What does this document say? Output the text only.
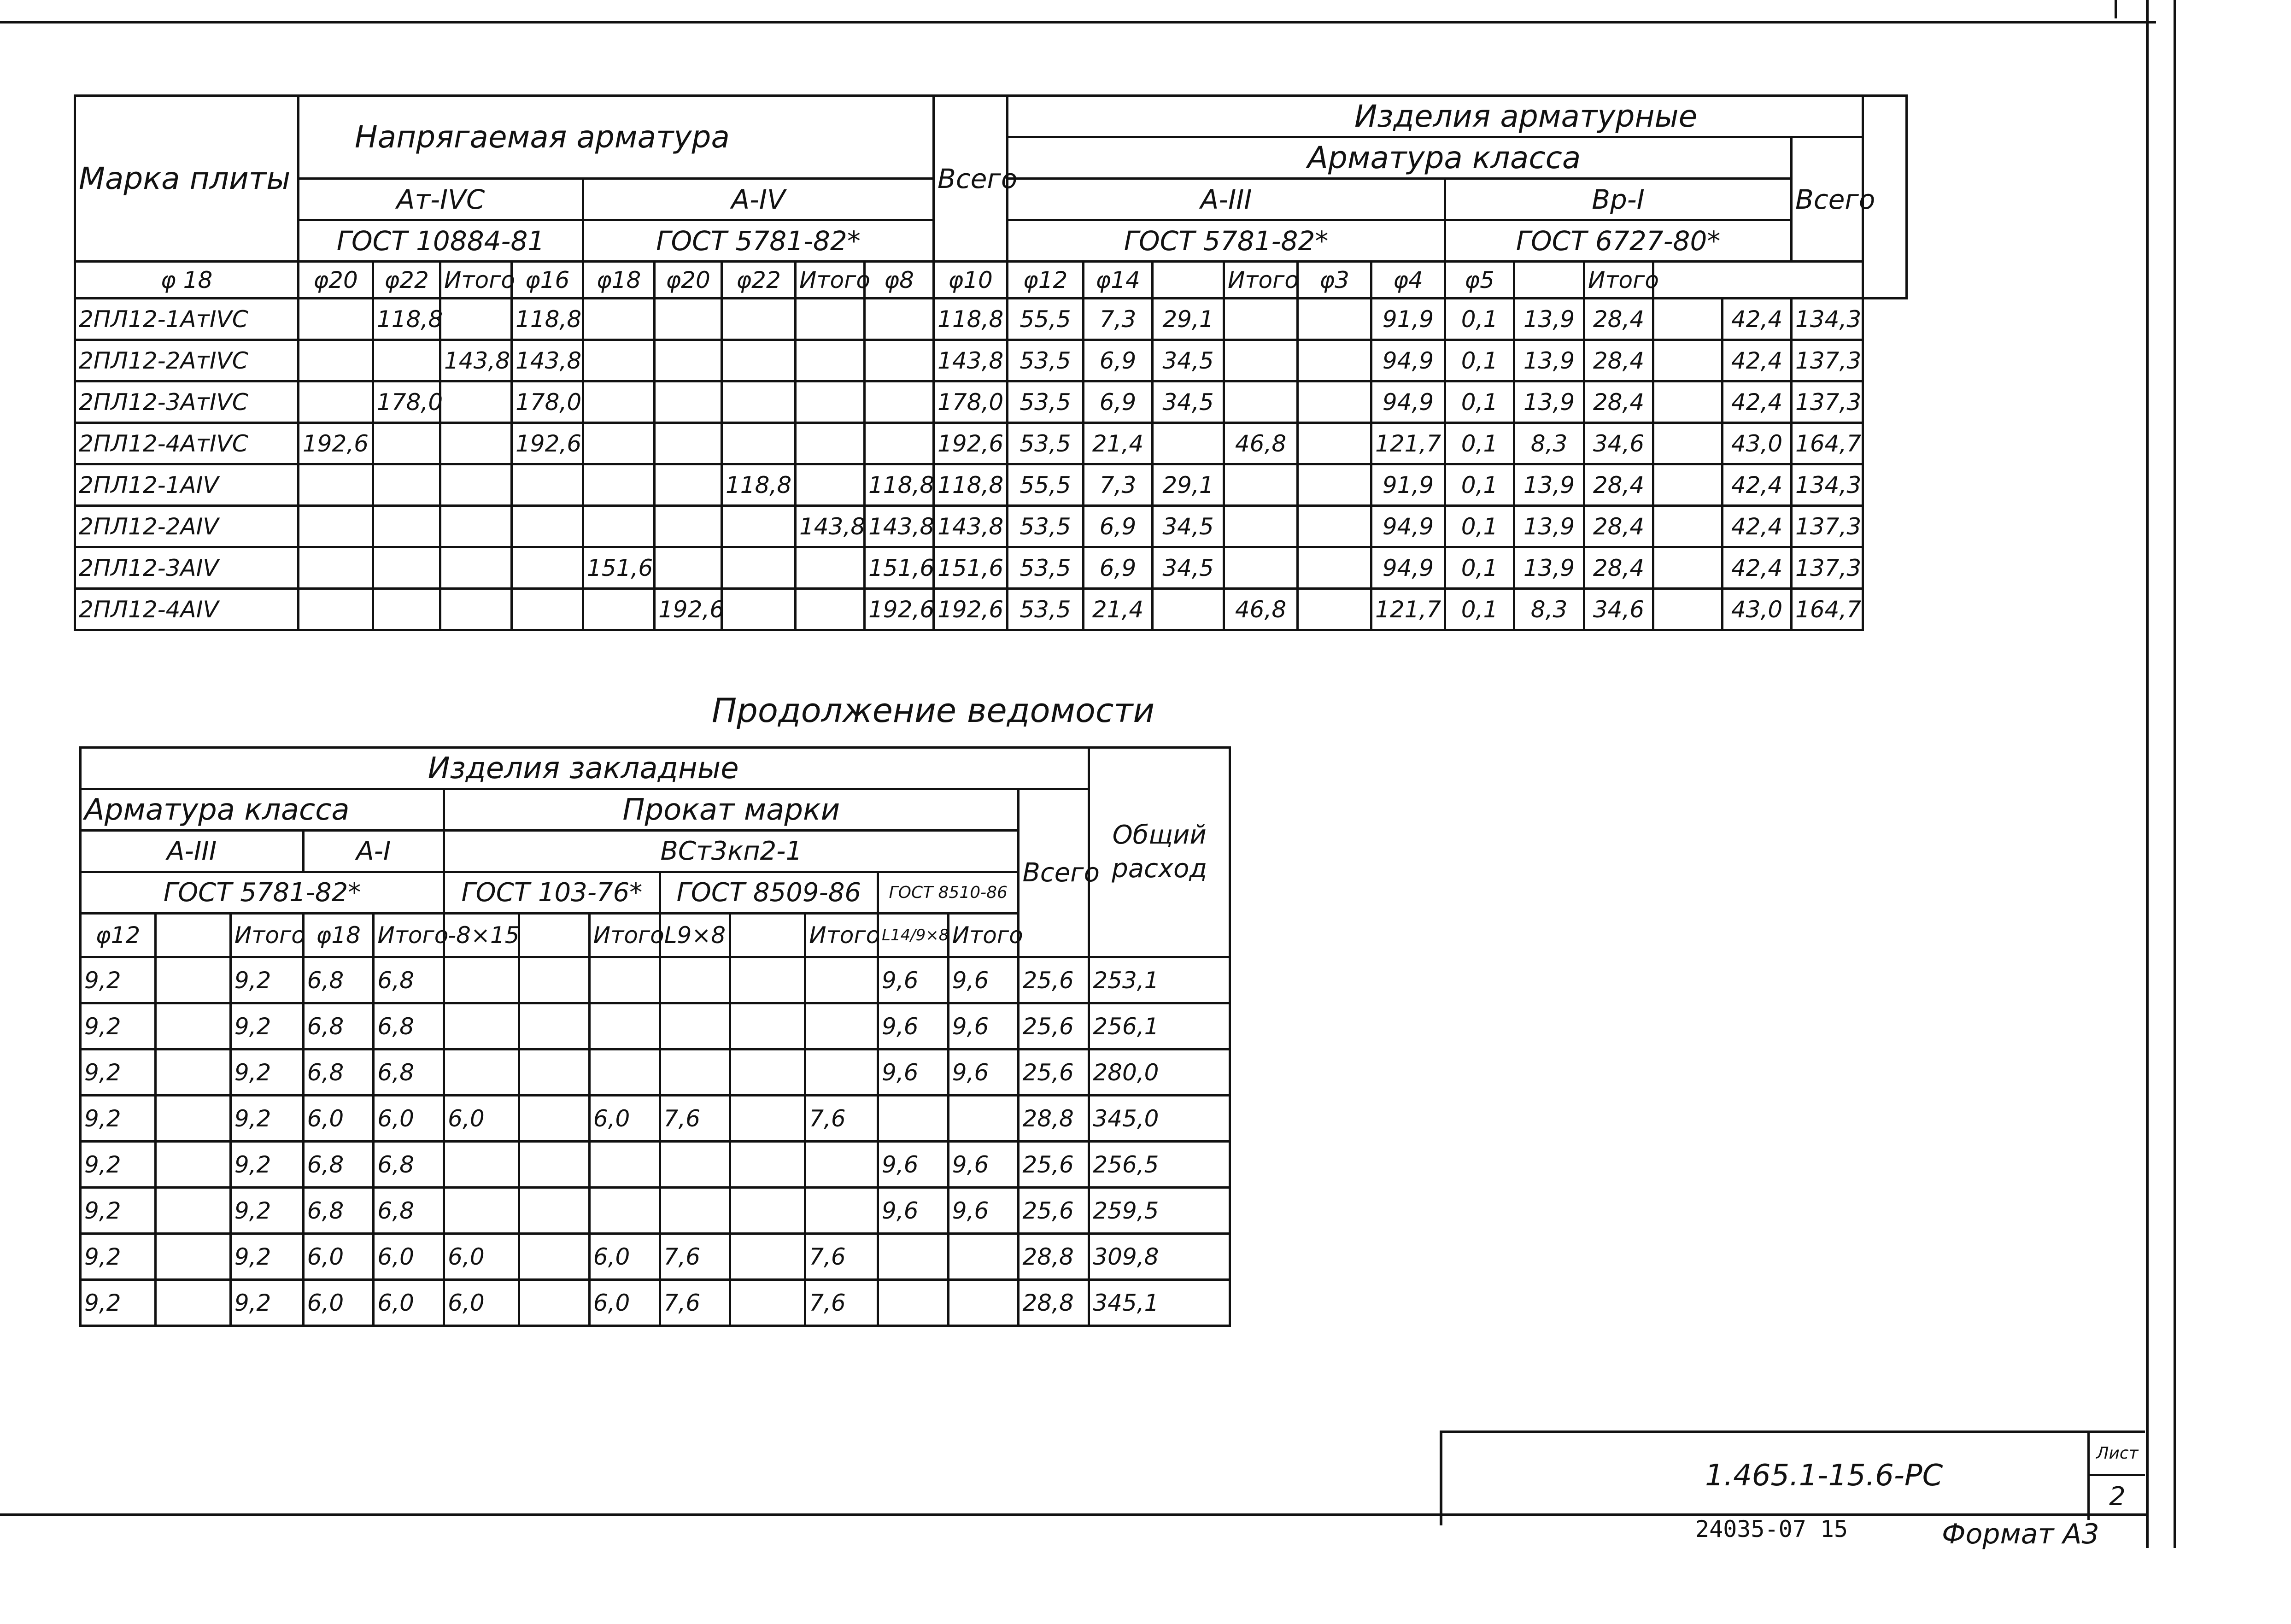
Марка плиты	Напрягаемая арматура									Всего	Изделия арматурные												
											Арматура класса											Всего	
	Aт-IVC				A-IV						A-III						Вр-I						
	ГОСТ 10884-81				ГОСТ 5781-82*						ГОСТ 5781-82*						ГОСТ 6727-80*						
φ 18	φ20	φ22	Итого	φ16	φ18	φ20	φ22	Итого	φ8	φ10	φ12	φ14		Итого	φ3	φ4	φ5		Итого				
2ПЛ12-1AтIVC		118,8		118,8						118,8	55,5	7,3	29,1			91,9	0,1	13,9	28,4		42,4	134,3	
2ПЛ12-2AтIVC			143,8	143,8						143,8	53,5	6,9	34,5			94,9	0,1	13,9	28,4		42,4	137,3	
2ПЛ12-3AтIVC		178,0		178,0						178,0	53,5	6,9	34,5			94,9	0,1	13,9	28,4		42,4	137,3	
2ПЛ12-4AтIVC	192,6			192,6						192,6	53,5	21,4		46,8		121,7	0,1	8,3	34,6		43,0	164,7	
2ПЛ12-1AIV							118,8		118,8	118,8	55,5	7,3	29,1			91,9	0,1	13,9	28,4		42,4	134,3	
2ПЛ12-2AIV								143,8	143,8	143,8	53,5	6,9	34,5			94,9	0,1	13,9	28,4		42,4	137,3	
2ПЛ12-3AIV					151,6				151,6	151,6	53,5	6,9	34,5			94,9	0,1	13,9	28,4		42,4	137,3	
2ПЛ12-4AIV						192,6			192,6	192,6	53,5	21,4		46,8		121,7	0,1	8,3	34,6		43,0	164,7	
Продолжение ведомости
Изделия закладные														Общий расход
Арматура класса					Прокат марки								Всего	
A-III			A-I		ВСт3кп2-1									
ГОСТ 5781-82*					ГОСТ 103-76*			ГОСТ 8509-86			ГОСТ 8510-86			
φ12		Итого	φ18	Итого	-8×15		Итого	L9×8		Итого	L14/9×8	Итого		
9,2		9,2	6,8	6,8							9,6	9,6	25,6	253,1
9,2		9,2	6,8	6,8							9,6	9,6	25,6	256,1
9,2		9,2	6,8	6,8							9,6	9,6	25,6	280,0
9,2		9,2	6,0	6,0	6,0		6,0	7,6		7,6			28,8	345,0
9,2		9,2	6,8	6,8							9,6	9,6	25,6	256,5
9,2		9,2	6,8	6,8							9,6	9,6	25,6	259,5
9,2		9,2	6,0	6,0	6,0		6,0	7,6		7,6			28,8	309,8
9,2		9,2	6,0	6,0	6,0		6,0	7,6		7,6			28,8	345,1
1.465.1-15.6-PC
Лист
2
24035-07 15	Формат A3
